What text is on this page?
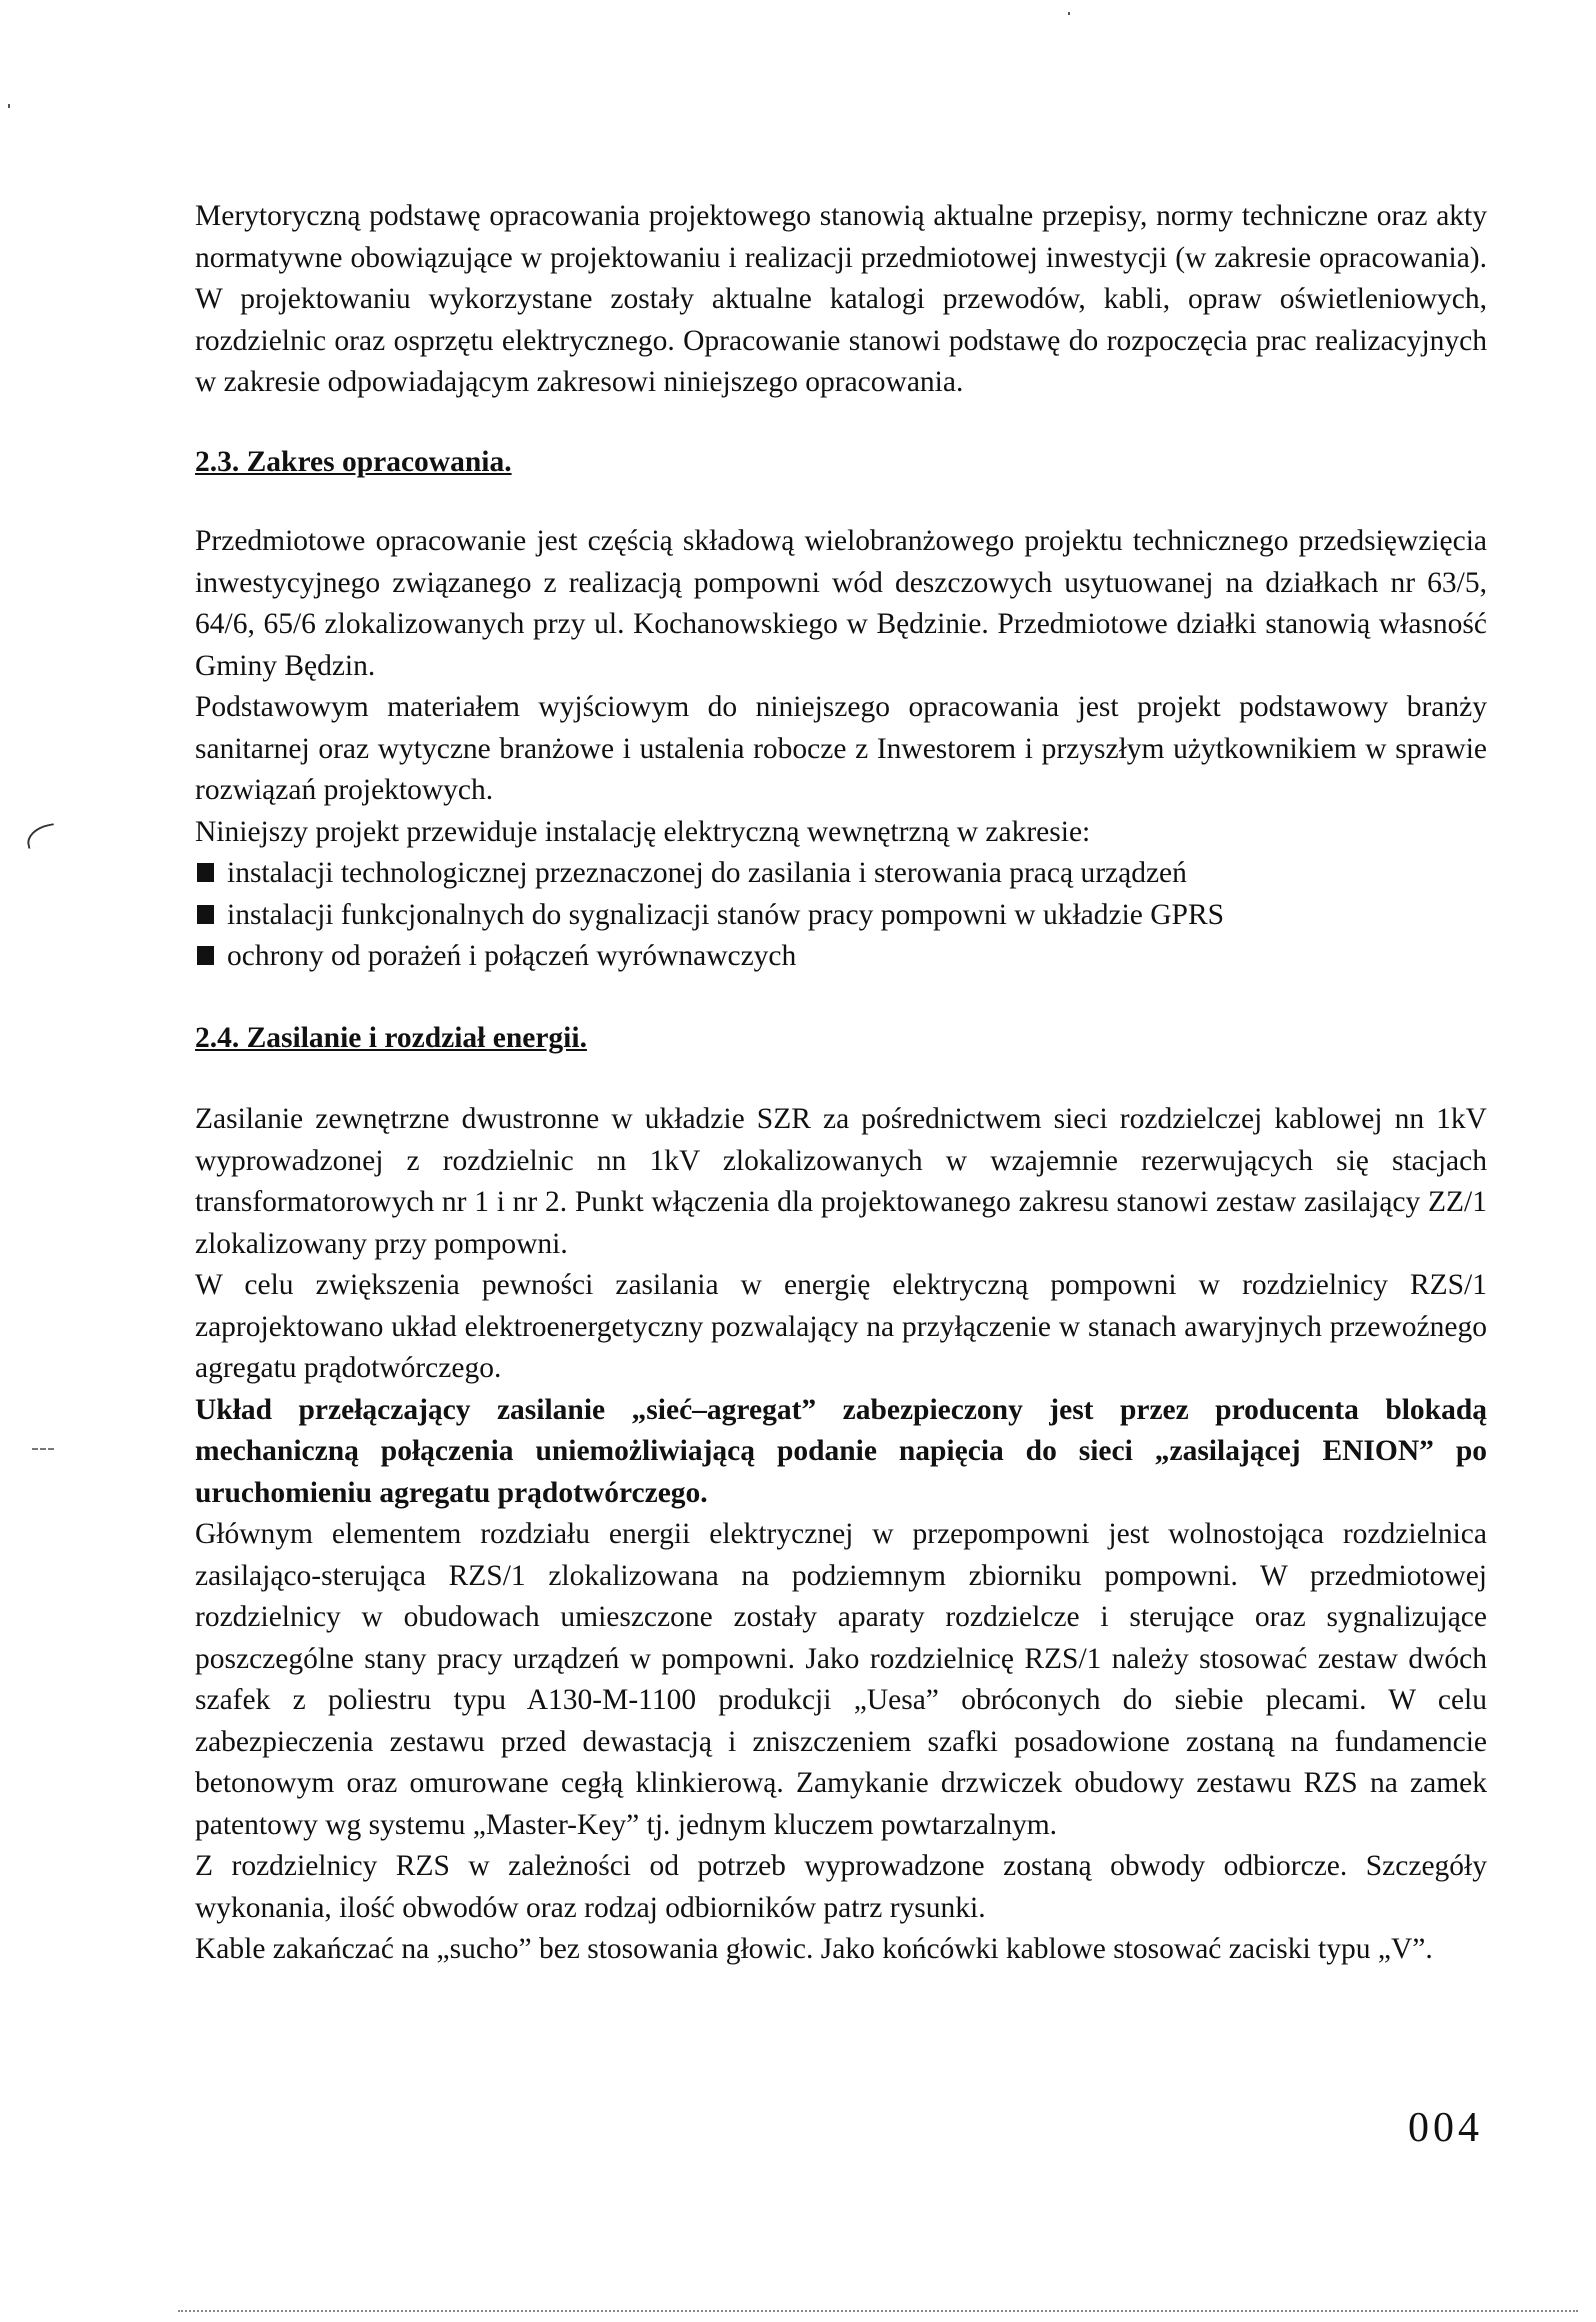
Merytoryczną podstawę opracowania projektowego stanowią aktualne przepisy, normy techniczne oraz akty normatywne obowiązujące w projektowaniu i realizacji przedmiotowej inwestycji (w zakresie opracowania). W projektowaniu wykorzystane zostały aktualne katalogi przewodów, kabli, opraw oświetleniowych, rozdzielnic oraz osprzętu elektrycznego. Opracowanie stanowi podstawę do rozpoczęcia prac realizacyjnych w zakresie odpowiadającym zakresowi niniejszego opracowania.

2.3. Zakres opracowania.

Przedmiotowe opracowanie jest częścią składową wielobranżowego projektu technicznego przedsięwzięcia inwestycyjnego związanego z realizacją pompowni wód deszczowych usytuowanej na działkach nr 63/5, 64/6, 65/6 zlokalizowanych przy ul. Kochanowskiego w Będzinie. Przedmiotowe działki stanowią własność Gminy Będzin.

Podstawowym materiałem wyjściowym do niniejszego opracowania jest projekt podstawowy branży sanitarnej oraz wytyczne branżowe i ustalenia robocze z Inwestorem i przyszłym użytkownikiem w sprawie rozwiązań projektowych.

Niniejszy projekt przewiduje instalację elektryczną wewnętrzną w zakresie:

instalacji technologicznej przeznaczonej do zasilania i sterowania pracą urządzeń
instalacji funkcjonalnych do sygnalizacji stanów pracy pompowni w układzie GPRS
ochrony od porażeń i połączeń wyrównawczych
2.4. Zasilanie i rozdział energii.

Zasilanie zewnętrzne dwustronne w układzie SZR za pośrednictwem sieci rozdzielczej kablowej nn 1kV wyprowadzonej z rozdzielnic nn 1kV zlokalizowanych w wzajemnie rezerwujących się stacjach transformatorowych nr 1 i nr 2. Punkt włączenia dla projektowanego zakresu stanowi zestaw zasilający ZZ/1 zlokalizowany przy pompowni.

W celu zwiększenia pewności zasilania w energię elektryczną pompowni w rozdzielnicy RZS/1 zaprojektowano układ elektroenergetyczny pozwalający na przyłączenie w stanach awaryjnych przewoźnego agregatu prądotwórczego.

Układ przełączający zasilanie „sieć–agregat” zabezpieczony jest przez producenta blokadą mechaniczną połączenia uniemożliwiającą podanie napięcia do sieci „zasilającej ENION” po uruchomieniu agregatu prądotwórczego.

Głównym elementem rozdziału energii elektrycznej w przepompowni jest wolnostojąca rozdzielnica zasilająco-sterująca RZS/1 zlokalizowana na podziemnym zbiorniku pompowni. W przedmiotowej rozdzielnicy w obudowach umieszczone zostały aparaty rozdzielcze i sterujące oraz sygnalizujące poszczególne stany pracy urządzeń w pompowni. Jako rozdzielnicę RZS/1 należy stosować zestaw dwóch szafek z poliestru typu A130-M-1100 produkcji „Uesa” obróconych do siebie plecami. W celu zabezpieczenia zestawu przed dewastacją i zniszczeniem szafki posadowione zostaną na fundamencie betonowym oraz omurowane cegłą klinkierową. Zamykanie drzwiczek obudowy zestawu RZS na zamek patentowy wg systemu „Master-Key” tj. jednym kluczem powtarzalnym.

Z rozdzielnicy RZS w zależności od potrzeb wyprowadzone zostaną obwody odbiorcze. Szczegóły wykonania, ilość obwodów oraz rodzaj odbiorników patrz rysunki.

Kable zakańczać na „sucho” bez stosowania głowic. Jako końcówki kablowe stosować zaciski typu „V”.

004
